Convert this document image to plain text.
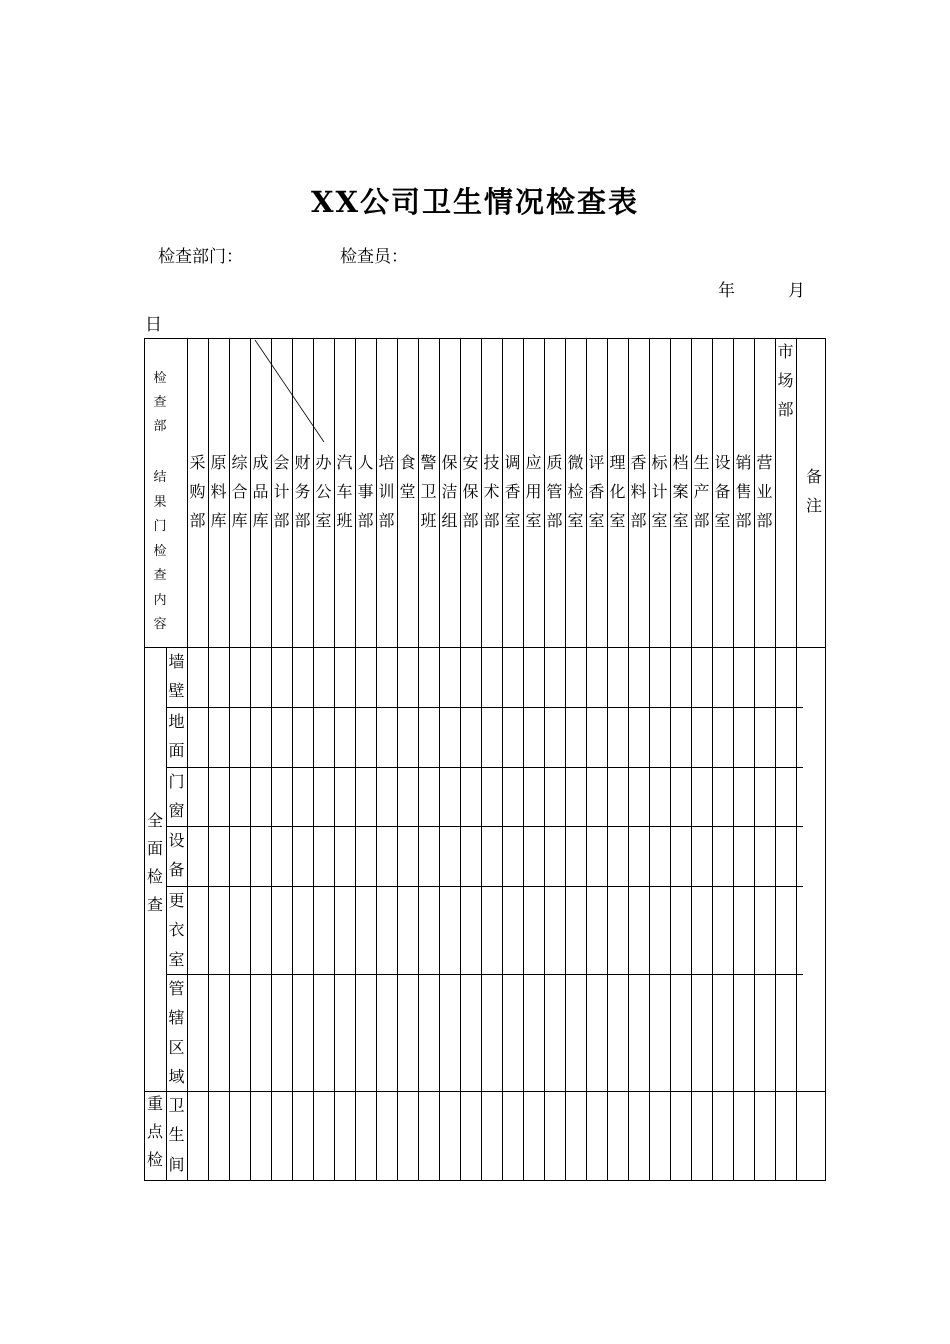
XX公司卫生情况检查表
检查部门：	检查员：
年	月
日
检
查
部
结
果
门
检
查
内
容
采
购
部
原
料
库
综
合
库
成
品
库
会
计
部
财
务
部
办
公
室
汽
车
班
人
事
部
培
训
部
食
堂
警
卫
班
保
洁
组
安
保
部
技
术
部
调
香
室
应
用
室
质
管
部
微
检
室
评
香
室
理
化
室
香
料
部
标
计
室
档
案
室
生
产
部
设
备
室
销
售
部
营
业
部
市
场
部
备
注
墙
壁
地
面
门
窗
设
备
更
衣
室
管
辖
区
域
全
面
检
查
卫
生
间
重
点
检
